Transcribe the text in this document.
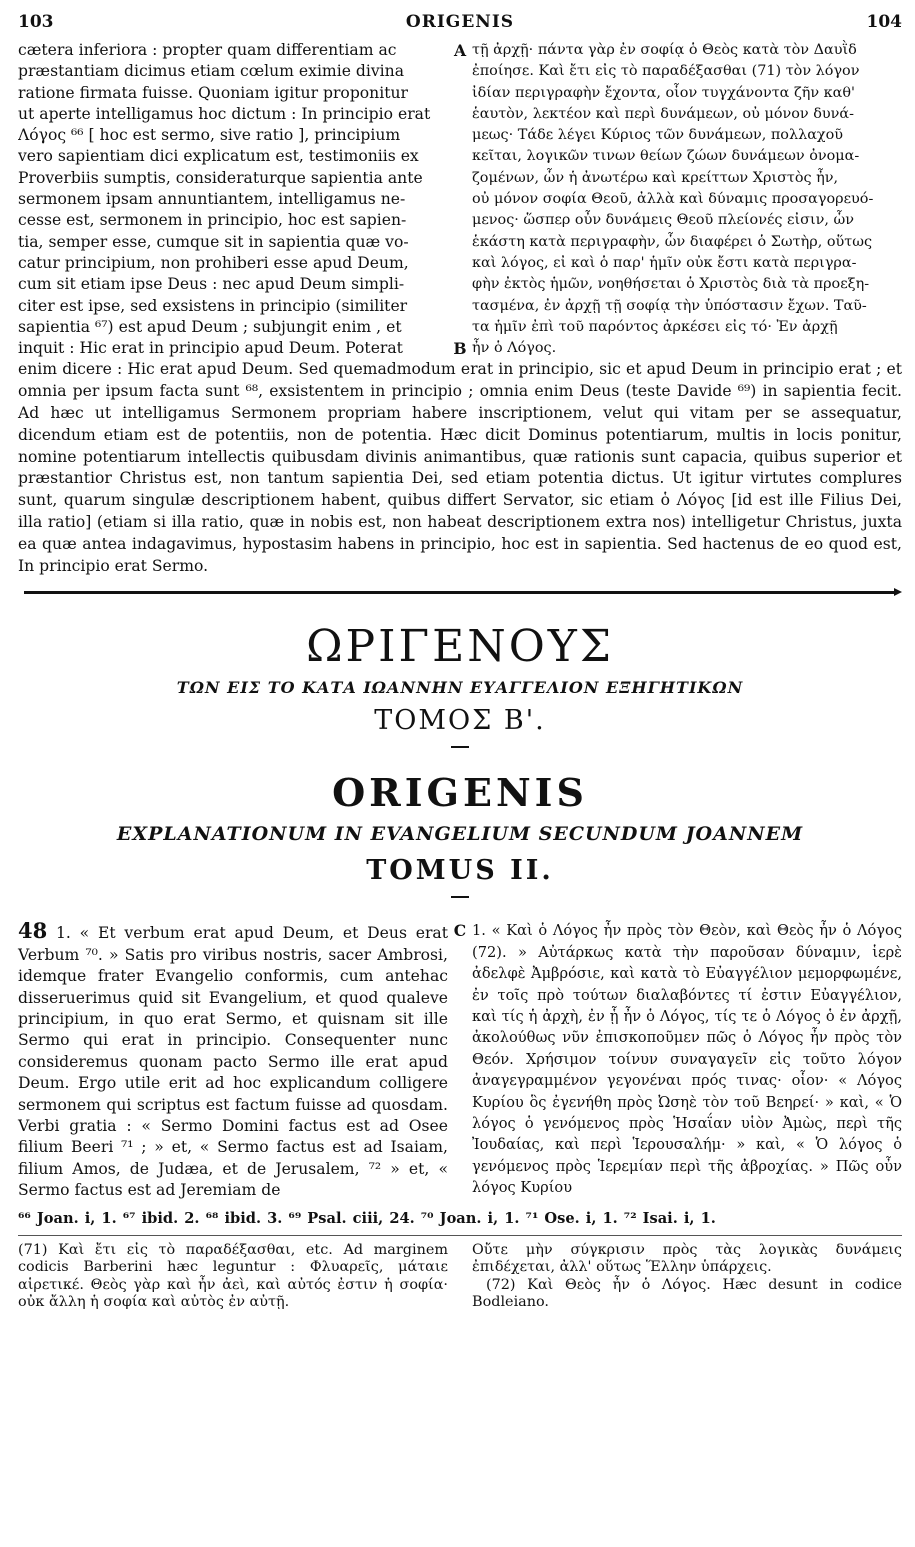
103	ORIGENIS	104
cætera inferiora : propter quam differentiam ac
præstantiam dicimus etiam cœlum eximie divina
ratione firmata fuisse. Quoniam igitur proponitur
ut aperte intelligamus hoc dictum : In principio erat
Λόγος ⁶⁶ [ hoc est sermo, sive ratio ], principium
vero sapientiam dici explicatum est, testimoniis ex
Proverbiis sumptis, consideraturque sapientia ante
sermonem ipsam annuntiantem, intelligamus ne-
cesse est, sermonem in principio, hoc est sapien-
tia, semper esse, cumque sit in sapientia quæ vo-
catur principium, non prohiberi esse apud Deum,
cum sit etiam ipse Deus : nec apud Deum simpli-
citer est ipse, sed exsistens in principio (similiter
sapientia ⁶⁷) est apud Deum ; subjungit enim , et
A τῇ ἀρχῇ· πάντα γὰρ ἐν σοφίᾳ ὁ Θεὸς κατὰ τὸν Δαυῒδ
ἐποίησε. Καὶ ἔτι εἰς τὸ παραδέξασθαι (71) τὸν λόγον
ἰδίαν περιγραφὴν ἔχοντα, οἷον τυγχάνοντα ζῆν καθ'
ἑαυτὸν, λεκτέον καὶ περὶ δυνάμεων, οὐ μόνον δυνά-
μεως· Τάδε λέγει Κύριος τῶν δυνάμεων, πολλαχοῦ
κεῖται, λογικῶν τινων θείων ζώων δυνάμεων ὀνομα-
ζομένων, ὧν ἡ ἀνωτέρω καὶ κρείττων Χριστὸς ἦν,
οὐ μόνον σοφία Θεοῦ, ἀλλὰ καὶ δύναμις προσαγορευό-
μενος· ὥσπερ οὖν δυνάμεις Θεοῦ πλείονές εἰσιν, ὧν
ἑκάστη κατὰ περιγραφὴν, ὧν διαφέρει ὁ Σωτὴρ, οὕτως
καὶ λόγος, εἰ καὶ ὁ παρ' ἡμῖν οὐκ ἔστι κατὰ περιγρα-
φὴν ἐκτὸς ἡμῶν, νοηθήσεται ὁ Χριστὸς διὰ τὰ προεξη-
τασμένα, ἐν ἀρχῇ τῇ σοφίᾳ τὴν ὑπόστασιν ἔχων. Ταῦ-
τα ἡμῖν ἐπὶ τοῦ παρόντος ἀρκέσει εἰς τό· Ἐν ἀρχῇ
inquit : Hic erat in principio apud Deum. Poterat	B ἦν ὁ Λόγος.
enim dicere : Hic erat apud Deum. Sed quemadmodum erat in principio, sic et apud Deum in principio erat ; et omnia per ipsum facta sunt ⁶⁸, exsistentem in principio ; omnia enim Deus (teste Davide ⁶⁹) in sapientia fecit. Ad hæc ut intelligamus Sermonem propriam habere inscriptionem, velut qui vitam per se assequatur, dicendum etiam est de potentiis, non de potentia. Hæc dicit Dominus potentiarum, multis in locis ponitur, nomine potentiarum intellectis quibusdam divinis animantibus, quæ rationis sunt capacia, quibus superior et præstantior Christus est, non tantum sapientia Dei, sed etiam potentia dictus. Ut igitur virtutes complures sunt, quarum singulæ descriptionem habent, quibus differt Servator, sic etiam ὁ Λόγος [id est ille Filius Dei, illa ratio] (etiam si illa ratio, quæ in nobis est, non habeat descriptionem extra nos) intelligetur Christus, juxta ea quæ antea indagavimus, hypostasim habens in principio, hoc est in sapientia. Sed hactenus de eo quod est, In principio erat Sermo.
ΩΡΙΓΕΝΟΥΣ
ΤΩΝ ΕΙΣ ΤΟ ΚΑΤΑ ΙΩΑΝΝΗΝ ΕΥΑΓΓΕΛΙΟΝ ΕΞΗΓΗΤΙΚΩΝ
ΤΟΜΟΣ Β'.
ORIGENIS
EXPLANATIONUM IN EVANGELIUM SECUNDUM JOANNEM
TOMUS II.
48 1. « Et verbum erat apud Deum, et Deus erat Verbum ⁷⁰. » Satis pro viribus nostris, sacer Ambrosi, idemque frater Evangelio conformis, cum antehac disseruerimus quid sit Evangelium, et quod qualeve principium, in quo erat Sermo, et quisnam sit ille Sermo qui erat in principio. Consequenter nunc consideremus quonam pacto Sermo ille erat apud Deum. Ergo utile erit ad hoc explicandum colligere sermonem qui scriptus est factum fuisse ad quosdam. Verbi gratia : « Sermo Domini factus est ad Osee filium Beeri ⁷¹ ; » et, « Sermo factus est ad Isaiam, filium Amos, de Judæa, et de Jerusalem, ⁷² » et, « Sermo factus est ad Jeremiam de
C 1. « Καὶ ὁ Λόγος ἦν πρὸς τὸν Θεὸν, καὶ Θεὸς ἦν ὁ Λόγος (72). » Αὐτάρκως κατὰ τὴν παροῦσαν δύναμιν, ἱερὲ ἀδελφὲ Ἀμβρόσιε, καὶ κατὰ τὸ Εὐαγγέλιον μεμορφωμένε, ἐν τοῖς πρὸ τούτων διαλαβόντες τί ἐστιν Εὐαγγέλιον, καὶ τίς ἡ ἀρχὴ, ἐν ᾗ ἦν ὁ Λόγος, τίς τε ὁ Λόγος ὁ ἐν ἀρχῇ, ἀκολούθως νῦν ἐπισκοποῦμεν πῶς ὁ Λόγος ἦν πρὸς τὸν Θεόν. Χρήσιμον τοίνυν συναγαγεῖν εἰς τοῦτο λόγον ἀναγεγραμμένον γεγονέναι πρός τινας· οἷον· « Λόγος Κυρίου ὃς ἐγενήθη πρὸς Ὠσηὲ τὸν τοῦ Βεηρεί· » καὶ, « Ὁ λόγος ὁ γενόμενος πρὸς Ἡσαΐαν υἱὸν Ἀμὼς, περὶ τῆς Ἰουδαίας, καὶ περὶ Ἱερουσαλήμ· » καὶ, « Ὁ λόγος ὁ γενόμενος πρὸς Ἱερεμίαν περὶ τῆς ἀβροχίας. » Πῶς οὖν λόγος Κυρίου
⁶⁶ Joan. i, 1. ⁶⁷ ibid. 2. ⁶⁸ ibid. 3. ⁶⁹ Psal. ciii, 24. ⁷⁰ Joan. i, 1. ⁷¹ Ose. i, 1. ⁷² Isai. i, 1.
(71) Καὶ ἔτι εἰς τὸ παραδέξασθαι, etc. Ad marginem codicis Barberini hæc leguntur : Φλυαρεῖς, μάταιε αἱρετικέ. Θεὸς γὰρ καὶ ἦν ἀεὶ, καὶ αὐτός ἐστιν ἡ σοφία· οὐκ ἄλλη ἡ σοφία καὶ αὐτὸς ἐν αὐτῇ.

Οὔτε μὴν σύγκρισιν πρὸς τὰς λογικὰς δυνάμεις ἐπιδέχεται, ἀλλ' οὕτως Ἕλλην ὑπάρχεις.

(72) Καὶ Θεὸς ἦν ὁ Λόγος. Hæc desunt in codice Bodleiano.
